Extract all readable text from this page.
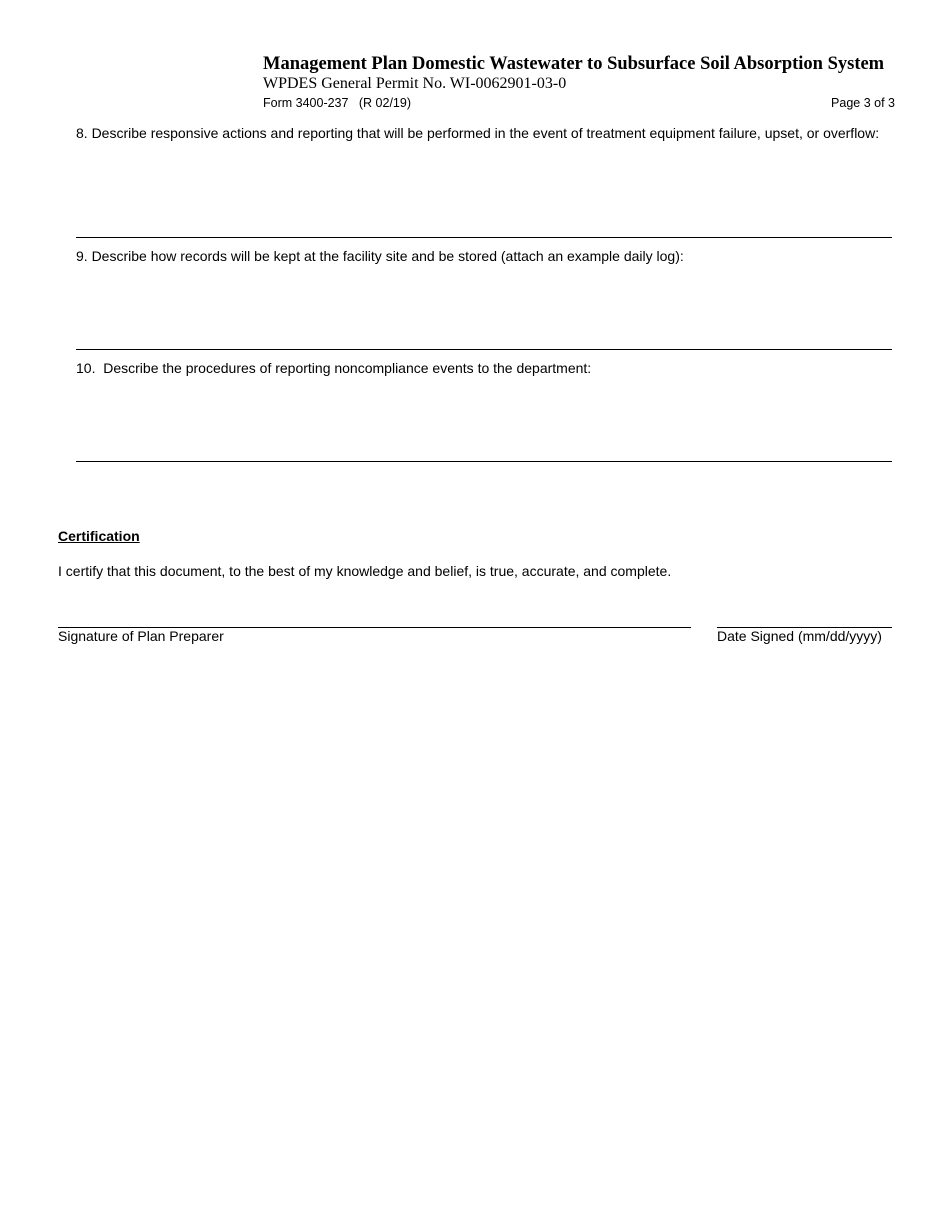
Management Plan Domestic Wastewater to Subsurface Soil Absorption System
WPDES General Permit No. WI-0062901-03-0
Form 3400-237   (R 02/19)	Page 3 of 3
8. Describe responsive actions and reporting that will be performed in the event of treatment equipment failure, upset, or overflow:
9. Describe how records will be kept at the facility site and be stored (attach an example daily log):
10.  Describe the procedures of reporting noncompliance events to the department:
Certification
I certify that this document, to the best of my knowledge and belief, is true, accurate, and complete.
Signature of Plan Preparer	Date Signed (mm/dd/yyyy)
